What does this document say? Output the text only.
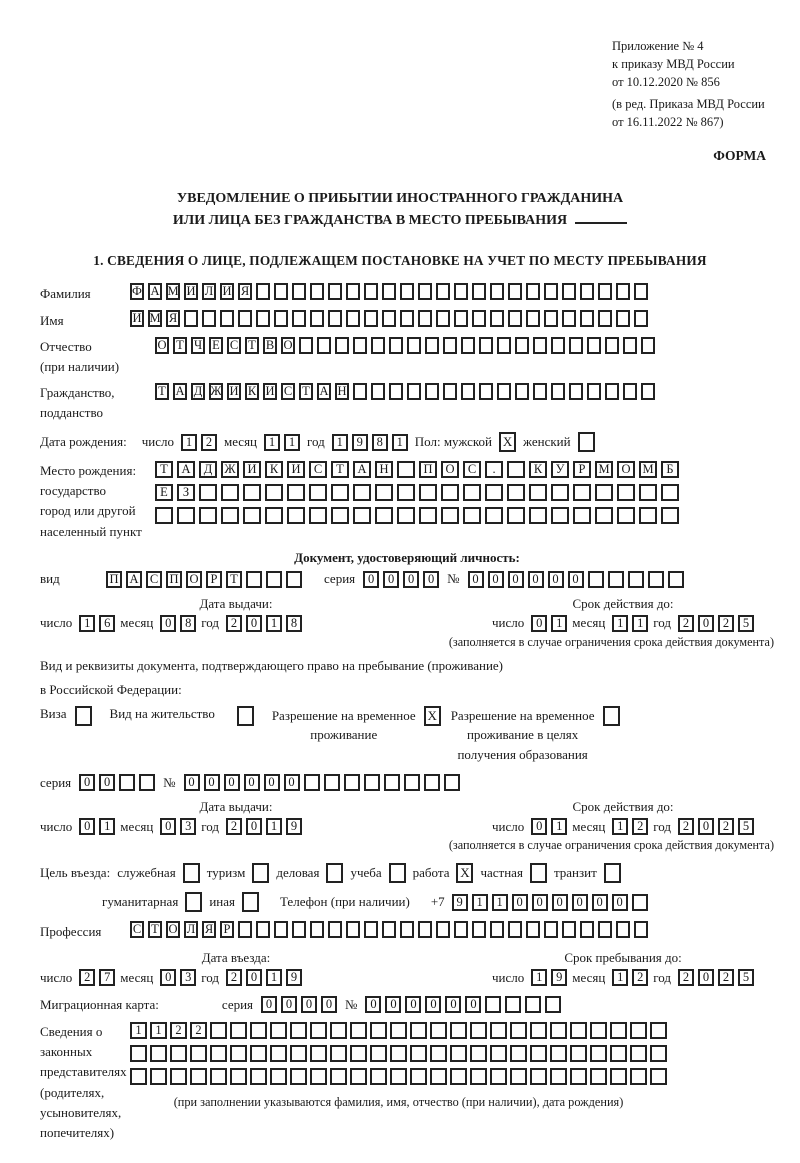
Приложение № 4
к приказу МВД России
от 10.12.2020 № 856
(в ред. Приказа МВД России
от 16.11.2022 № 867)
ФОРМА
УВЕДОМЛЕНИЕ О ПРИБЫТИИ ИНОСТРАННОГО ГРАЖДАНИНА
ИЛИ ЛИЦА БЕЗ ГРАЖДАНСТВА В МЕСТО ПРЕБЫВАНИЯ
1. СВЕДЕНИЯ О ЛИЦЕ, ПОДЛЕЖАЩЕМ ПОСТАНОВКЕ НА УЧЕТ ПО МЕСТУ ПРЕБЫВАНИЯ
Фамилия	Ф А М И Л И Я
Имя	И М Я
Отчество
(при наличии)
О Т Ч Е С Т В О
Гражданство,
подданство
Т А Д Ж И К И С Т А Н
Дата рождения: число 1	2 месяц 1	1 год 1	9	8	1 Пол: мужской X женский
Место рождения:
государство
город или другой
населенный пункт
Т	А	Д Ж И	К	И	С	Т	А	Н	П	О	С	.	К	У	Р	М О М	Б
Е	З
Документ, удостоверяющий личность:
вид	П А С П О Р	Т	серия	0	0	0	0 №	0	0	0	0	0	0
Дата выдачи:
число 1	6 месяц 0	8 год 2	0	1	8
Срок действия до:
число 0	1 месяц 1	1 год 2	0	2	5
(заполняется в случае ограничения срока действия документа)
Вид и реквизиты документа, подтверждающего право на пребывание (проживание)
в Российской Федерации:
Виза	Вид на жительство	Разрешение на временное
проживание
X Разрешение на временное
проживание в целях
получения образования
серия	0	0	№	0	0	0	0	0	0
Дата выдачи:
число 0	1 месяц 0	3 год 2	0	1	9
Срок действия до:
число 0	1 месяц 1	2 год 2	0	2	5
(заполняется в случае ограничения срока действия документа)
Цель въезда: служебная туризм деловая учеба работа X частная транзит
гуманитарная иная	Телефон (при наличии) +7 9	1	1	0	0	0	0	0	0
Профессия	С Т О Л Я Р
Дата въезда:
число 2	7 месяц 0	3 год 2	0	1	9
Срок пребывания до:
число 1	9 месяц 1	2 год 2	0	2	5
Миграционная карта:	серия	0	0	0	0 №	0	0	0	0	0	0
Сведения о
законных
представителях
(родителях,
усыновителях,
попечителях)
1	1	2	2
(при заполнении указываются фамилия, имя, отчество (при наличии), дата рождения)
